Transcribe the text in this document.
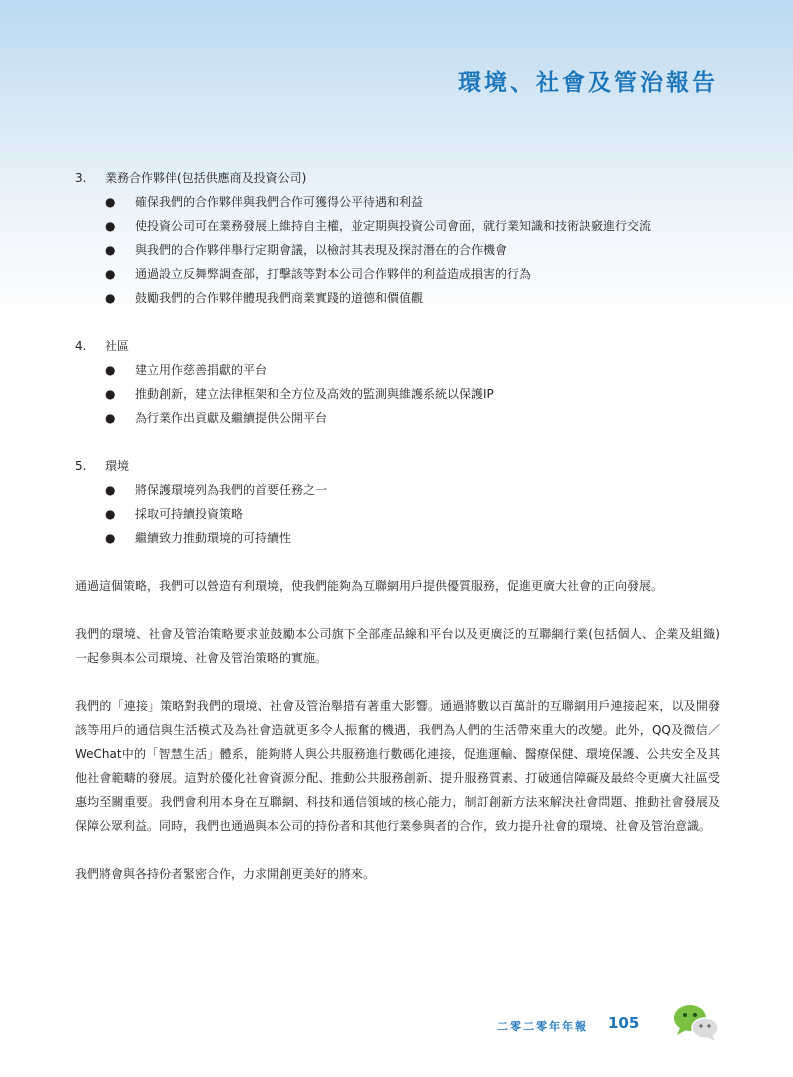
環境、社會及管治報告
3.	業務合作夥伴(包括供應商及投資公司)
●	確保我們的合作夥伴與我們合作可獲得公平待遇和利益
●	使投資公司可在業務發展上維持自主權，並定期與投資公司會面，就行業知識和技術訣竅進行交流
●	與我們的合作夥伴舉行定期會議，以檢討其表現及探討潛在的合作機會
●	通過設立反舞弊調查部，打擊該等對本公司合作夥伴的利益造成損害的行為
●	鼓勵我們的合作夥伴體現我們商業實踐的道德和價值觀
4.	社區
●	建立用作慈善捐獻的平台
●	推動創新，建立法律框架和全方位及高效的監測與維護系統以保護IP
●	為行業作出貢獻及繼續提供公開平台
5.	環境
●	將保護環境列為我們的首要任務之一
●	採取可持續投資策略
●	繼續致力推動環境的可持續性

通過這個策略，我們可以營造有利環境，使我們能夠為互聯網用戶提供優質服務，促進更廣大社會的正向發展。

我們的環境、社會及管治策略要求並鼓勵本公司旗下全部產品線和平台以及更廣泛的互聯網行業(包括個人、企業及組織)一起參與本公司環境、社會及管治策略的實施。

我們的「連接」策略對我們的環境、社會及管治舉措有著重大影響。通過將數以百萬計的互聯網用戶連接起來，以及開發該等用戶的通信與生活模式及為社會造就更多令人振奮的機遇，我們為人們的生活帶來重大的改變。此外，QQ及微信／WeChat中的「智慧生活」體系，能夠將人與公共服務進行數碼化連接，促進運輸、醫療保健、環境保護、公共安全及其他社會範疇的發展。這對於優化社會資源分配、推動公共服務創新、提升服務質素、打破通信障礙及最終令更廣大社區受惠均至關重要。我們會利用本身在互聯網、科技和通信領域的核心能力，制訂創新方法來解決社會問題、推動社會發展及保障公眾利益。同時，我們也通過與本公司的持份者和其他行業參與者的合作，致力提升社會的環境、社會及管治意識。

我們將會與各持份者緊密合作，力求開創更美好的將來。

二零二零年年報 105
